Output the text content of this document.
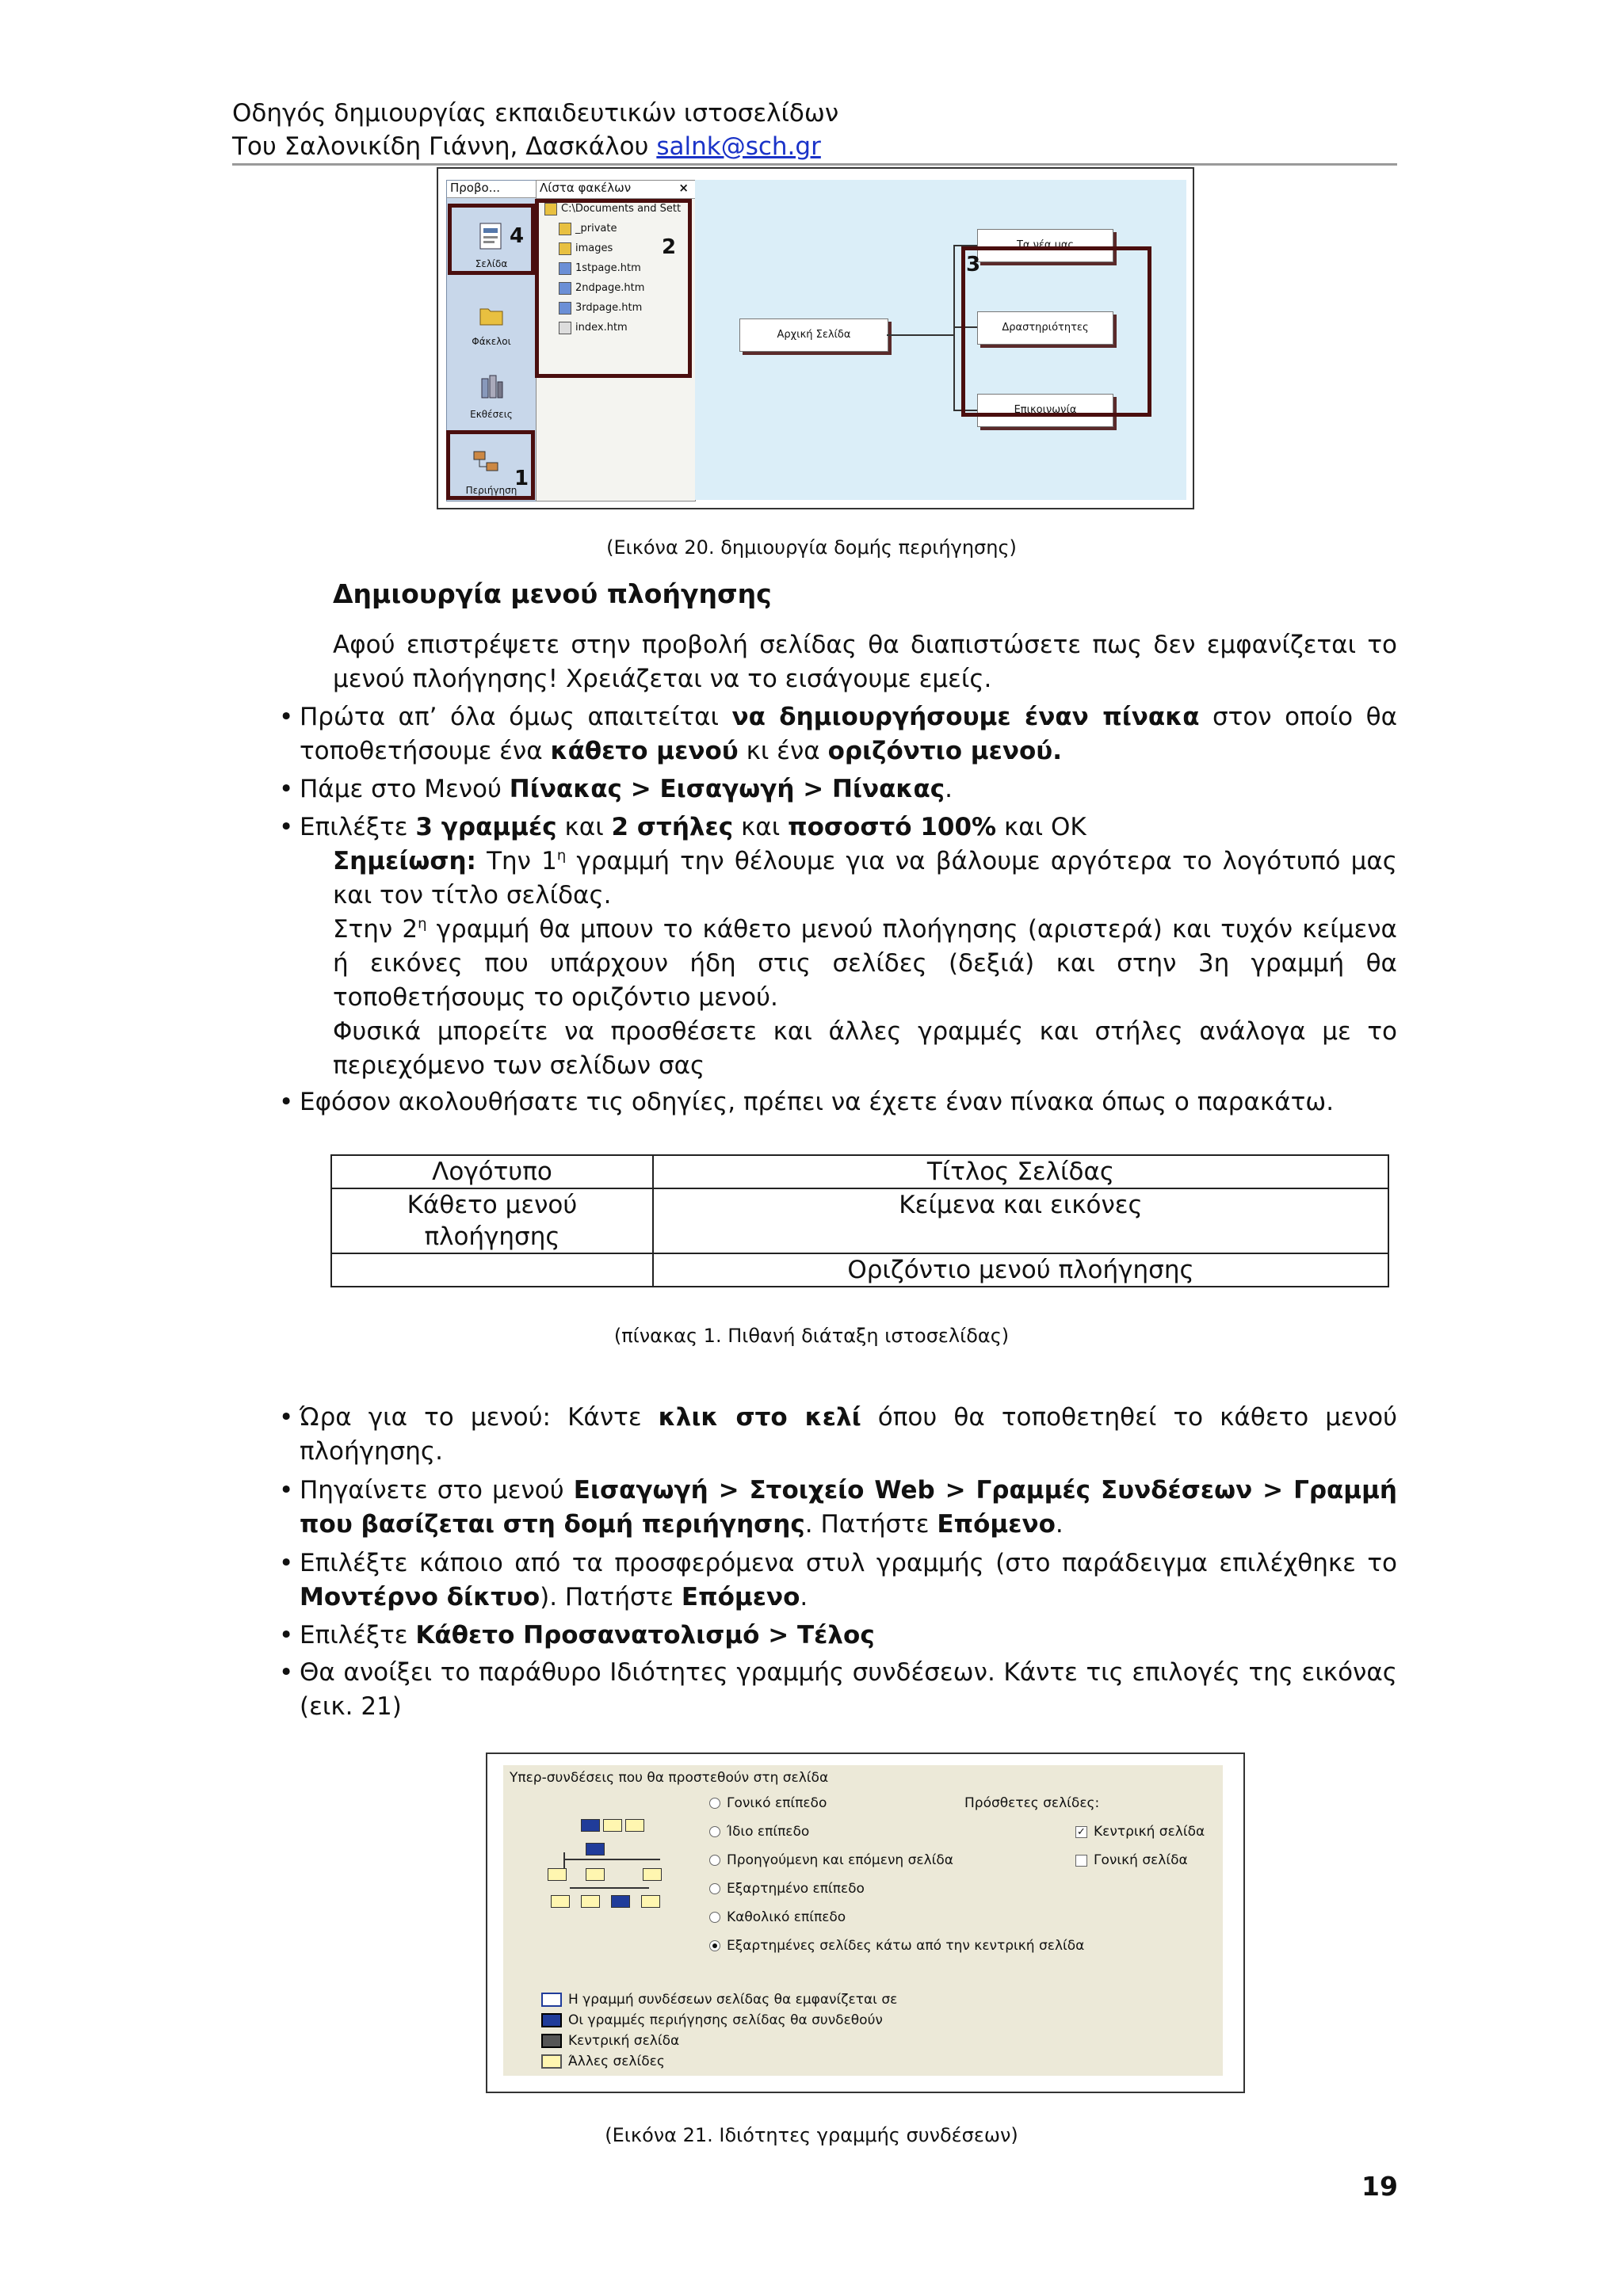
Οδηγός δημιουργίας εκπαιδευτικών ιστοσελίδων
Του Σαλονικίδη Γιάννη, Δασκάλου salnk@sch.gr
Προβο...
Σελίδα
Φάκελοι
Εκθέσεις
Περιήγηση
Λίστα φακέλων	×
C:\Documents and Sett
_private
images
1stpage.htm
2ndpage.htm
3rdpage.htm
index.htm
Αρχική Σελίδα
Τα νέα μας
Δραστηριότητες
Επικοινωνία
3
4
1
2
(Εικόνα 20. δημιουργία δομής περιήγησης)
Δημιουργία μενού πλοήγησης
Αφού επιστρέψετε στην προβολή σελίδας θα διαπιστώσετε πως δεν εμφανίζεται το μενού πλοήγησης! Χρειάζεται να το εισάγουμε εμείς.
• Πρώτα απ’ όλα όμως απαιτείται να δημιουργήσουμε έναν πίνακα στον οποίο θα τοποθετήσουμε ένα κάθετο μενού κι ένα οριζόντιο μενού.
• Πάμε στο Μενού Πίνακας > Εισαγωγή > Πίνακας.
• Επιλέξτε 3 γραμμές και 2 στήλες και ποσοστό 100% και ΟΚ
Σημείωση: Την $1^\eta$ γραμμή την θέλουμε για να βάλουμε αργότερα το λογότυπό μας και τον τίτλο σελίδας.
Στην $2^\eta$ γραμμή θα μπουν το κάθετο μενού πλοήγησης (αριστερά) και τυχόν κείμενα ή εικόνες που υπάρχουν ήδη στις σελίδες (δεξιά) και στην 3η γραμμή θα τοποθετήσουμς το οριζόντιο μενού.
Φυσικά μπορείτε να προσθέσετε και άλλες γραμμές και στήλες ανάλογα με το περιεχόμενο των σελίδων σας
• Εφόσον ακολουθήσατε τις οδηγίες, πρέπει να έχετε έναν πίνακα όπως ο παρακάτω.
Λογότυπο	Τίτλος Σελίδας
Κάθετο μενού πλοήγησης	Κείμενα και εικόνες
	Οριζόντιο μενού πλοήγησης
(πίνακας 1. Πιθανή διάταξη ιστοσελίδας)
• Ώρα για το μενού: Κάντε κλικ στο κελί όπου θα τοποθετηθεί το κάθετο μενού πλοήγησης.
• Πηγαίνετε στο μενού Εισαγωγή > Στοιχείο Web > Γραμμές Συνδέσεων > Γραμμή που βασίζεται στη δομή περιήγησης. Πατήστε Επόμενο.
• Επιλέξτε κάποιο από τα προσφερόμενα στυλ γραμμής (στο παράδειγμα επιλέχθηκε το Μοντέρνο δίκτυο). Πατήστε Επόμενο.
• Επιλέξτε Κάθετο Προσανατολισμό > Τέλος
• Θα ανοίξει το παράθυρο Ιδιότητες γραμμής συνδέσεων. Κάντε τις επιλογές της εικόνας (εικ. 21)
Υπερ-συνδέσεις που θα προστεθούν στη σελίδα
Γονικό επίπεδο
Ίδιο επίπεδο
Προηγούμενη και επόμενη σελίδα
Εξαρτημένο επίπεδο
Καθολικό επίπεδο
Εξαρτημένες σελίδες κάτω από την κεντρική σελίδα
Πρόσθετες σελίδες:
✓ Κεντρική σελίδα
Γονική σελίδα
Η γραμμή συνδέσεων σελίδας θα εμφανίζεται σε
Οι γραμμές περιήγησης σελίδας θα συνδεθούν
Κεντρική σελίδα
Άλλες σελίδες
(Εικόνα 21. Ιδιότητες γραμμής συνδέσεων)
19
